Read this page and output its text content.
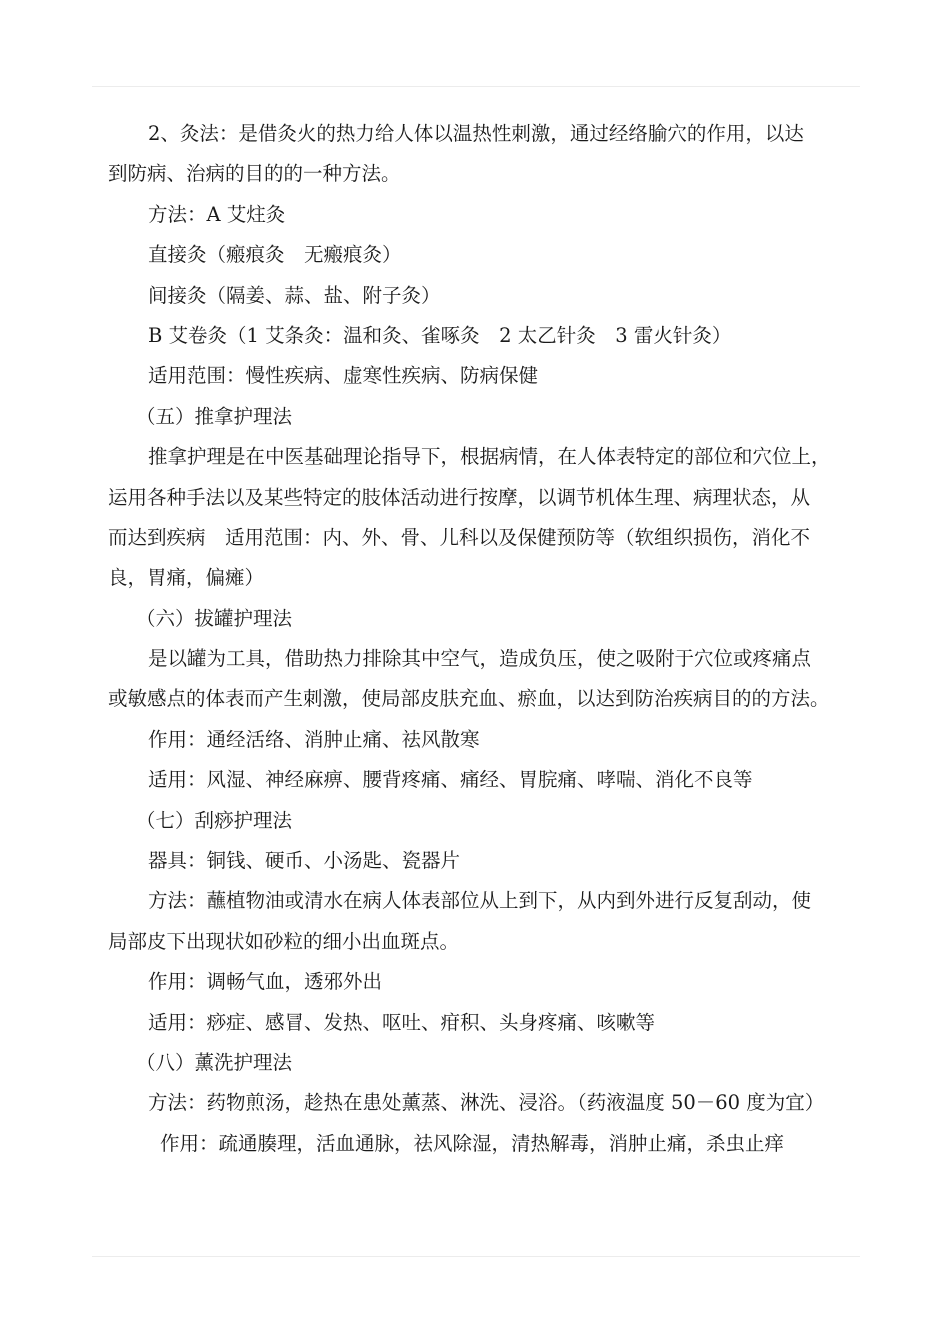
2、灸法：是借灸火的热力给人体以温热性刺激，通过经络腧穴的作用，以达
到防病、治病的目的的一种方法。
方法：A 艾炷灸
直接灸（瘢痕灸　无瘢痕灸）
间接灸（隔姜、蒜、盐、附子灸）
B 艾卷灸（1 艾条灸：温和灸、雀啄灸　2 太乙针灸　3 雷火针灸）
适用范围：慢性疾病、虚寒性疾病、防病保健
（五）推拿护理法
推拿护理是在中医基础理论指导下，根据病情，在人体表特定的部位和穴位上，
运用各种手法以及某些特定的肢体活动进行按摩，以调节机体生理、病理状态，从
而达到疾病　适用范围：内、外、骨、儿科以及保健预防等（软组织损伤，消化不
良，胃痛，偏瘫）
（六）拔罐护理法
是以罐为工具，借助热力排除其中空气，造成负压，使之吸附于穴位或疼痛点
或敏感点的体表而产生刺激，使局部皮肤充血、瘀血，以达到防治疾病目的的方法。
作用：通经活络、消肿止痛、祛风散寒
适用：风湿、神经麻痹、腰背疼痛、痛经、胃脘痛、哮喘、消化不良等
（七）刮痧护理法
器具：铜钱、硬币、小汤匙、瓷器片
方法：蘸植物油或清水在病人体表部位从上到下，从内到外进行反复刮动，使
局部皮下出现状如砂粒的细小出血斑点。
作用：调畅气血，透邪外出
适用：痧症、感冒、发热、呕吐、疳积、头身疼痛、咳嗽等
（八）薰洗护理法
方法：药物煎汤，趁热在患处薰蒸、淋洗、浸浴。（药液温度 50－60 度为宜）
作用：疏通腠理，活血通脉，祛风除湿，清热解毒，消肿止痛，杀虫止痒
